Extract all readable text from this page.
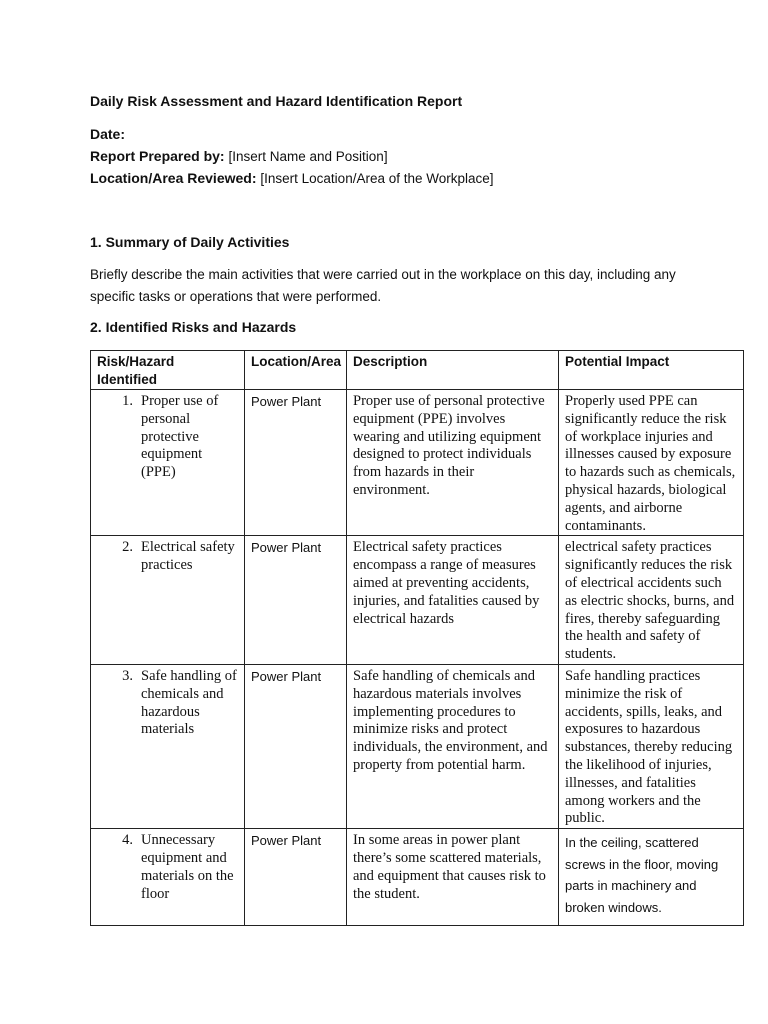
Daily Risk Assessment and Hazard Identification Report
Date:
Report Prepared by: [Insert Name and Position]
Location/Area Reviewed: [Insert Location/Area of the Workplace]
1. Summary of Daily Activities
Briefly describe the main activities that were carried out in the workplace on this day, including any specific tasks or operations that were performed.
2. Identified Risks and Hazards
Risk/Hazard Identified	Location/Area	Description	Potential Impact

1. Proper use of personal protective equipment (PPE)	Power Plant	Proper use of personal protective equipment (PPE) involves wearing and utilizing equipment designed to protect individuals from hazards in their environment.	Properly used PPE can significantly reduce the risk of workplace injuries and illnesses caused by exposure to hazards such as chemicals, physical hazards, biological agents, and airborne contaminants.

2. Electrical safety practices	Power Plant	Electrical safety practices encompass a range of measures aimed at preventing accidents, injuries, and fatalities caused by electrical hazards	electrical safety practices significantly reduces the risk of electrical accidents such as electric shocks, burns, and fires, thereby safeguarding the health and safety of students.

3. Safe handling of chemicals and hazardous materials	Power Plant	Safe handling of chemicals and hazardous materials involves implementing procedures to minimize risks and protect individuals, the environment, and property from potential harm.	Safe handling practices minimize the risk of accidents, spills, leaks, and exposures to hazardous substances, thereby reducing the likelihood of injuries, illnesses, and fatalities among workers and the public.

4. Unnecessary equipment and materials on the floor	Power Plant	In some areas in power plant there’s some scattered materials, and equipment that causes risk to the student.	In the ceiling, scattered screws in the floor, moving parts in machinery and broken windows.
